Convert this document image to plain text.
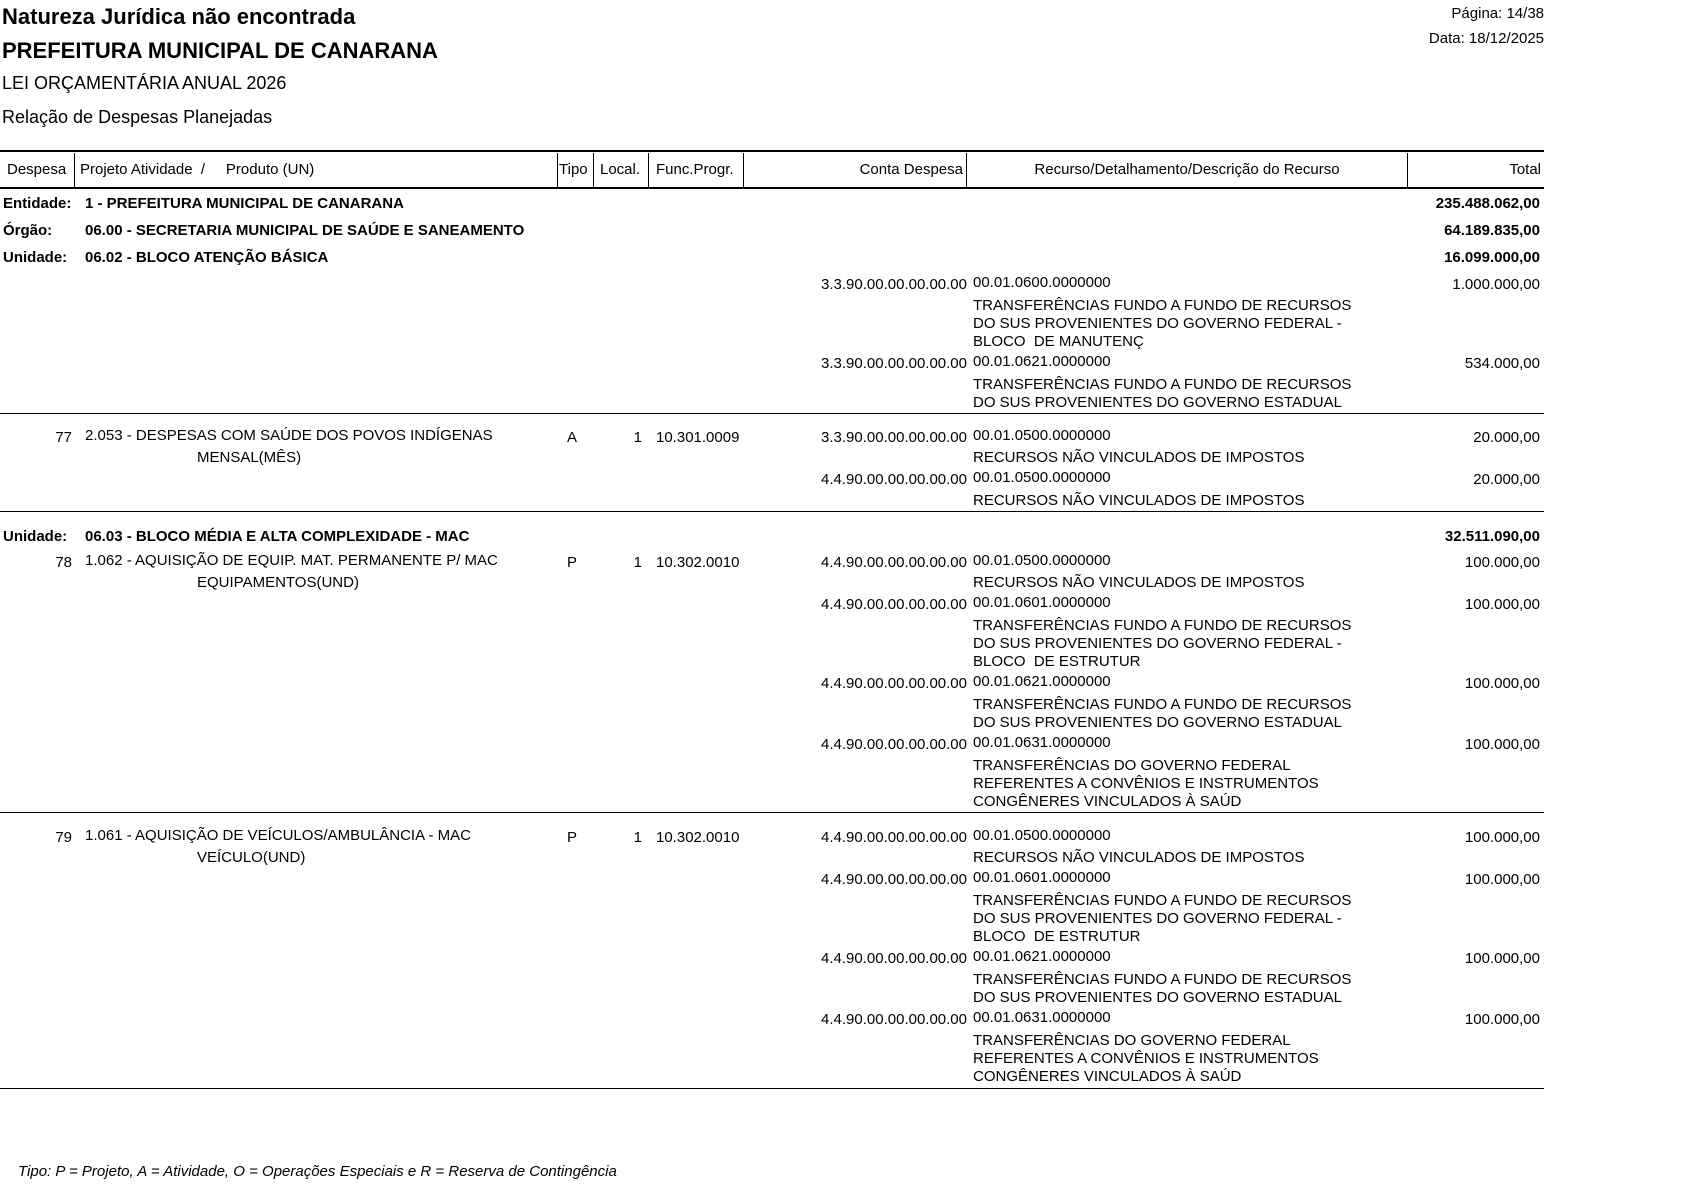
Natureza Jurídica não encontrada
PREFEITURA MUNICIPAL DE CANARANA
LEI ORÇAMENTÁRIA ANUAL 2026
Relação de Despesas Planejadas
Página: 14/38
Data: 18/12/2025
Despesa Projeto Atividade  /     Produto (UN)	Tipo Local. Func.Progr.	Conta Despesa	Recurso/Detalhamento/Descrição do Recurso	Total
Entidade: 1 - PREFEITURA MUNICIPAL DE CANARANA	235.488.062,00
Órgão: 06.00 - SECRETARIA MUNICIPAL DE SAÚDE E SANEAMENTO	64.189.835,00
Unidade: 06.02 - BLOCO ATENÇÃO BÁSICA	16.099.000,00
3.3.90.00.00.00.00.00 00.01.0600.0000000	1.000.000,00
TRANSFERÊNCIAS FUNDO A FUNDO DE RECURSOS
DO SUS PROVENIENTES DO GOVERNO FEDERAL -
BLOCO  DE MANUTENÇ
3.3.90.00.00.00.00.00 00.01.0621.0000000	534.000,00
TRANSFERÊNCIAS FUNDO A FUNDO DE RECURSOS
DO SUS PROVENIENTES DO GOVERNO ESTADUAL
77 2.053 - DESPESAS COM SAÚDE DOS POVOS INDÍGENAS
MENSAL(MÊS)
A	1 10.301.0009	3.3.90.00.00.00.00.00 00.01.0500.0000000	20.000,00
RECURSOS NÃO VINCULADOS DE IMPOSTOS
4.4.90.00.00.00.00.00 00.01.0500.0000000	20.000,00
RECURSOS NÃO VINCULADOS DE IMPOSTOS
Unidade: 06.03 - BLOCO MÉDIA E ALTA COMPLEXIDADE - MAC	32.511.090,00
78 1.062 - AQUISIÇÃO DE EQUIP. MAT. PERMANENTE P/ MAC
EQUIPAMENTOS(UND)
P	1 10.302.0010	4.4.90.00.00.00.00.00 00.01.0500.0000000	100.000,00
RECURSOS NÃO VINCULADOS DE IMPOSTOS
4.4.90.00.00.00.00.00 00.01.0601.0000000	100.000,00
TRANSFERÊNCIAS FUNDO A FUNDO DE RECURSOS
DO SUS PROVENIENTES DO GOVERNO FEDERAL -
BLOCO  DE ESTRUTUR
4.4.90.00.00.00.00.00 00.01.0621.0000000	100.000,00
TRANSFERÊNCIAS FUNDO A FUNDO DE RECURSOS
DO SUS PROVENIENTES DO GOVERNO ESTADUAL
4.4.90.00.00.00.00.00 00.01.0631.0000000	100.000,00
TRANSFERÊNCIAS DO GOVERNO FEDERAL
REFERENTES A CONVÊNIOS E INSTRUMENTOS
CONGÊNERES VINCULADOS À SAÚD
79 1.061 - AQUISIÇÃO DE VEÍCULOS/AMBULÂNCIA - MAC
VEÍCULO(UND)
P	1 10.302.0010	4.4.90.00.00.00.00.00 00.01.0500.0000000	100.000,00
RECURSOS NÃO VINCULADOS DE IMPOSTOS
4.4.90.00.00.00.00.00 00.01.0601.0000000	100.000,00
TRANSFERÊNCIAS FUNDO A FUNDO DE RECURSOS
DO SUS PROVENIENTES DO GOVERNO FEDERAL -
BLOCO  DE ESTRUTUR
4.4.90.00.00.00.00.00 00.01.0621.0000000	100.000,00
TRANSFERÊNCIAS FUNDO A FUNDO DE RECURSOS
DO SUS PROVENIENTES DO GOVERNO ESTADUAL
4.4.90.00.00.00.00.00 00.01.0631.0000000	100.000,00
TRANSFERÊNCIAS DO GOVERNO FEDERAL
REFERENTES A CONVÊNIOS E INSTRUMENTOS
CONGÊNERES VINCULADOS À SAÚD
Tipo: P = Projeto, A = Atividade, O = Operações Especiais e R = Reserva de Contingência
